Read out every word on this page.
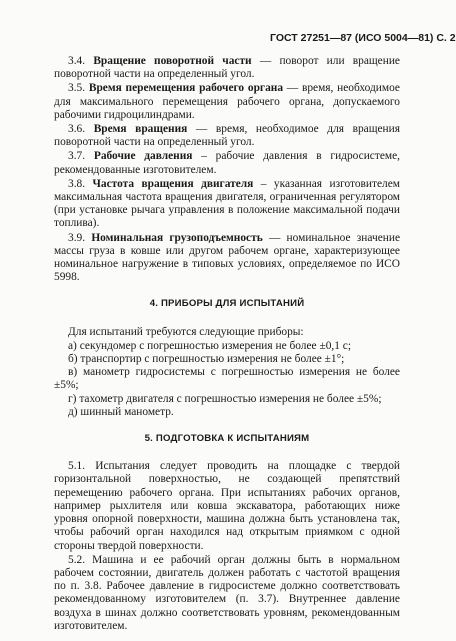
ГОСТ 27251—87 (ИСО 5004—81) С. 2

3.4. Вращение поворотной части — поворот или вращение поворотной части на определенный угол.

3.5. Время перемещения рабочего органа — время, необходимое для максимального перемещения рабочего органа, допускаемого рабочими гидроцилиндрами.

3.6. Время вращения — время, необходимое для вращения поворотной части на определенный угол.

3.7. Рабочие давления – рабочие давления в гидросистеме, рекомендованные изготовителем.

3.8. Частота вращения двигателя – указанная изготовителем максимальная частота вращения двигателя, ограниченная регулятором (при установке рычага управления в положение максимальной подачи топлива).

3.9. Номинальная грузоподъемность — номинальное значение массы груза в ковше или другом рабочем органе, характеризующее номинальное нагружение в типовых условиях, определяемое по ИСО 5998.

4. ПРИБОРЫ ДЛЯ ИСПЫТАНИЙ

Для испытаний требуются следующие приборы:

а) секундомер с погрешностью измерения не более ±0,1 с;
б) транспортир с погрешностью измерения не более ±1°;
в) манометр гидросистемы с погрешностью измерения не более ±5%;
г) тахометр двигателя с погрешностью измерения не более ±5%;
д) шинный манометр.
5. ПОДГОТОВКА К ИСПЫТАНИЯМ

5.1. Испытания следует проводить на площадке с твердой горизонтальной поверхностью, не создающей препятствий перемещению рабочего органа. При испытаниях рабочих органов, например рыхлителя или ковша экскаватора, работающих ниже уровня опорной поверхности, машина должна быть установлена так, чтобы рабочий орган находился над открытым приямком с одной стороны твердой поверхности.

5.2. Машина и ее рабочий орган должны быть в нормальном рабочем состоянии, двигатель должен работать с частотой вращения по п. 3.8. Рабочее давление в гидросистеме должно соответствовать рекомендованному изготовителем (п. 3.7). Внутреннее давление воздуха в шинах должно соответствовать уровням, рекомендованным изготовителем.
